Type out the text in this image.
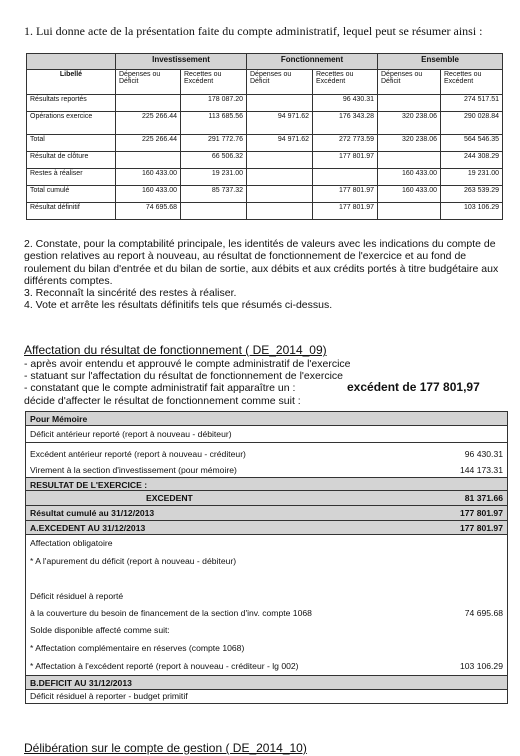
1. Lui donne acte de la présentation faite du compte administratif, lequel peut se résumer ainsi :
	Investissement		Fonctionnement		Ensemble	
Libellé	Dépenses ou Déficit	Recettes ou Excédent	Dépenses ou Déficit	Recettes ou Excédent	Dépenses ou Déficit	Recettes ou Excédent
Résultats reportés		178 087.20		96 430.31		274 517.51
Opérations exercice	225 266.44	113 685.56	94 971.62	176 343.28	320 238.06	290 028.84
Total	225 266.44	291 772.76	94 971.62	272 773.59	320 238.06	564 546.35
Résultat de clôture		66 506.32		177 801.97		244 308.29
Restes à réaliser	160 433.00	19 231.00			160 433.00	19 231.00
Total cumulé	160 433.00	85 737.32		177 801.97	160 433.00	263 539.29
Résultat définitif	74 695.68			177 801.97		103 106.29

2. Constate, pour la comptabilité principale, les identités de valeurs avec les indications du compte de gestion relatives au report à nouveau, au résultat de fonctionnement de l'exercice et au fond de roulement du bilan d'entrée et du bilan de sortie, aux débits et aux crédits portés à titre budgétaire aux différents comptes.

3. Reconnaît la sincérité des restes à réaliser.

4. Vote et arrête les résultats définitifs tels que résumés ci-dessus.

Affectation du résultat de fonctionnement ( DE_2014_09)

- après avoir entendu et approuvé le compte administratif de l'exercice

- statuant sur l'affectation du résultat de fonctionnement de l'exercice

- constatant que le compte administratif fait apparaître un :	excédent de 177 801,97

décide d'affecter le résultat de fonctionnement comme suit :

Pour Mémoire
Déficit antérieur reporté (report à nouveau - débiteur)
Excédent antérieur reporté (report à nouveau - créditeur)	96 430.31
Virement à la section d'investissement (pour mémoire)	144 173.31
RESULTAT DE L'EXERCICE :
EXCEDENT	81 371.66
Résultat cumulé au 31/12/2013	177 801.97
A.EXCEDENT AU 31/12/2013	177 801.97
Affectation obligatoire
* A l'apurement du déficit (report à nouveau - débiteur)
Déficit résiduel à reporté
à la couverture du besoin de financement de la section d'inv. compte 1068	74 695.68
Solde disponible affecté comme suit:
* Affectation complémentaire en réserves (compte 1068)
* Affectation à l'excédent reporté (report à nouveau - créditeur - lg 002)	103 106.29
B.DEFICIT AU 31/12/2013
Déficit résiduel à reporter - budget primitif
Délibération sur le compte de gestion ( DE_2014_10)
